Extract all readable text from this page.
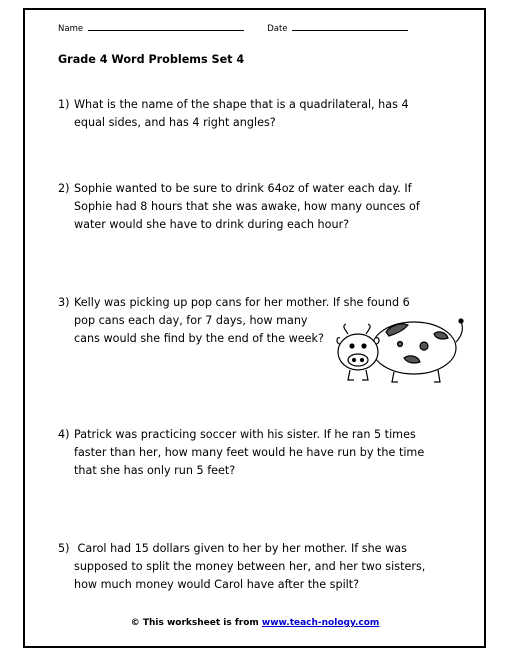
Name	Date
Grade 4 Word Problems Set 4
1) What is the name of the shape that is a quadrilateral, has 4
equal sides, and has 4 right angles?
2) Sophie wanted to be sure to drink 64oz of water each day. If
Sophie had 8 hours that she was awake, how many ounces of
water would she have to drink during each hour?
3) Kelly was picking up pop cans for her mother. If she found 6
pop cans each day, for 7 days, how many
cans would she find by the end of the week?
4) Patrick was practicing soccer with his sister. If he ran 5 times
faster than her, how many feet would he have run by the time
that she has only run 5 feet?
5) Carol had 15 dollars given to her by her mother. If she was
supposed to split the money between her, and her two sisters,
how much money would Carol have after the spilt?
© This worksheet is from www.teach-nology.com
